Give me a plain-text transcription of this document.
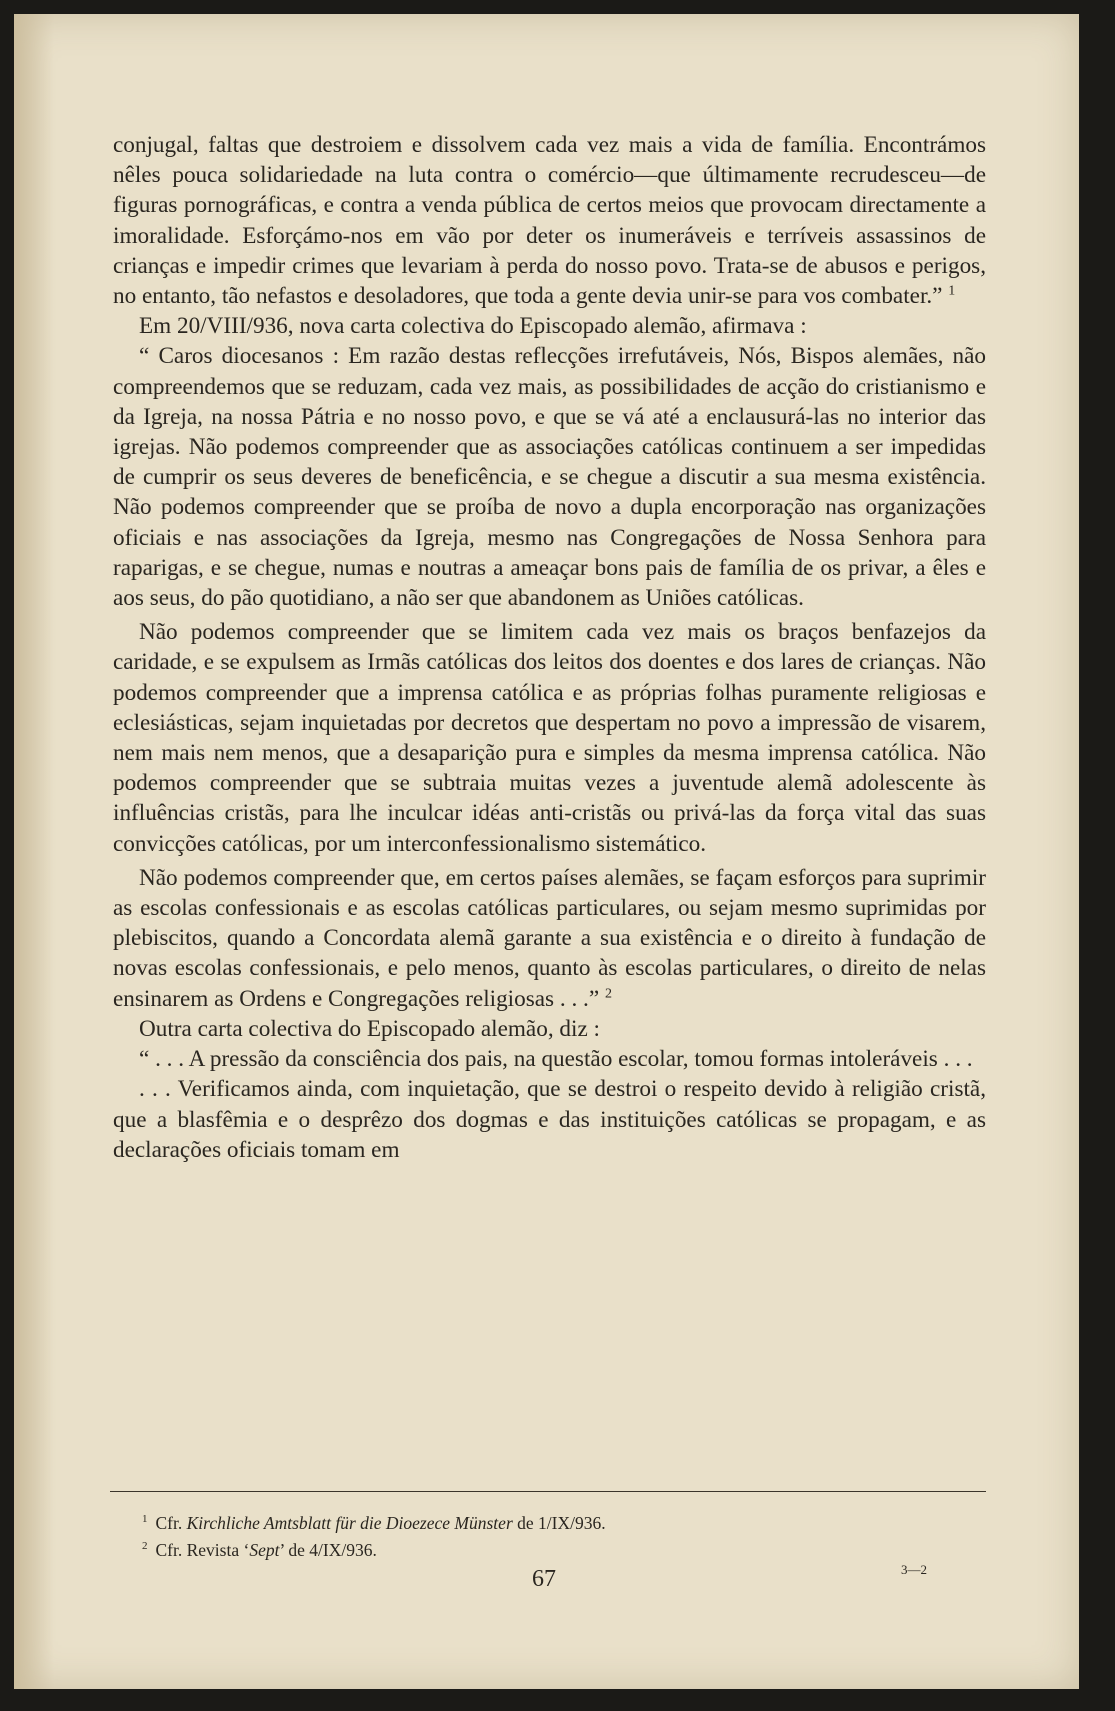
conjugal, faltas que destroiem e dissolvem cada vez mais a vida de família. Encontrámos nêles pouca solidariedade na luta contra o comércio—que últimamente recrudesceu—de figuras pornográficas, e contra a venda pública de certos meios que provocam directamente a imoralidade. Esforçámo-nos em vão por deter os inumeráveis e terríveis assassinos de crianças e impedir crimes que levariam à perda do nosso povo. Trata-se de abusos e perigos, no entanto, tão nefastos e desoladores, que toda a gente devia unir-se para vos combater.” $^1$

Em 20/VIII/936, nova carta colectiva do Episcopado alemão, afirmava :

“ Caros diocesanos : Em razão destas reflecções irrefutáveis, Nós, Bispos alemães, não compreendemos que se reduzam, cada vez mais, as possibilidades de acção do cristianismo e da Igreja, na nossa Pátria e no nosso povo, e que se vá até a enclausurá-las no interior das igrejas. Não podemos compreender que as associações católicas continuem a ser impedidas de cumprir os seus deveres de beneficência, e se chegue a discutir a sua mesma existência. Não podemos compreender que se proíba de novo a dupla encorporação nas organizações oficiais e nas associações da Igreja, mesmo nas Congregações de Nossa Senhora para raparigas, e se chegue, numas e noutras a ameaçar bons pais de família de os privar, a êles e aos seus, do pão quotidiano, a não ser que abandonem as Uniões católicas.

Não podemos compreender que se limitem cada vez mais os braços benfazejos da caridade, e se expulsem as Irmãs católicas dos leitos dos doentes e dos lares de crianças. Não podemos compreender que a imprensa católica e as próprias folhas puramente religiosas e eclesiásticas, sejam inquietadas por decretos que despertam no povo a impressão de visarem, nem mais nem menos, que a desaparição pura e simples da mesma imprensa católica. Não podemos compreender que se subtraia muitas vezes a juventude alemã adolescente às influências cristãs, para lhe inculcar idéas anti-cristãs ou privá-las da força vital das suas convicções católicas, por um interconfessionalismo sistemático.

Não podemos compreender que, em certos países alemães, se façam esforços para suprimir as escolas confessionais e as escolas católicas particulares, ou sejam mesmo suprimidas por plebiscitos, quando a Concordata alemã garante a sua existência e o direito à fundação de novas escolas confessionais, e pelo menos, quanto às escolas particulares, o direito de nelas ensinarem as Ordens e Congregações religiosas . . .” $^2$

Outra carta colectiva do Episcopado alemão, diz :

“ . . . A pressão da consciência dos pais, na questão escolar, tomou formas intoleráveis . . .

. . . Verificamos ainda, com inquietação, que se destroi o respeito devido à religião cristã, que a blasfêmia e o desprêzo dos dogmas e das instituições católicas se propagam, e as declarações oficiais tomam em

$^1$ Cfr. Kirchliche Amtsblatt für die Dioezece Münster de 1/IX/936.
$^2$ Cfr. Revista ‘Sept’ de 4/IX/936.
67	3—2
